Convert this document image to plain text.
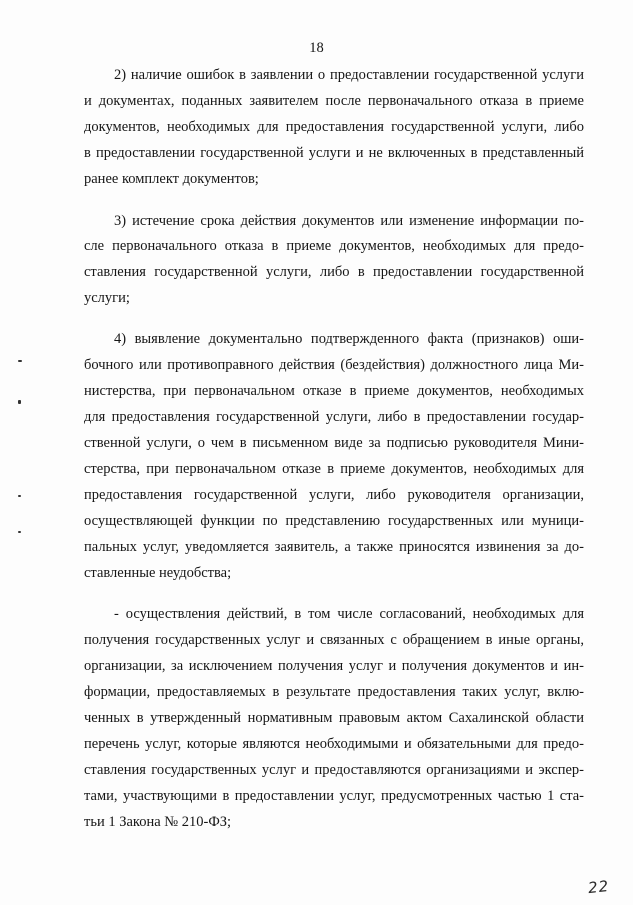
18
2) наличие ошибок в заявлении о предоставлении государственной услуги
и документах, поданных заявителем после первоначального отказа в приеме
документов, необходимых для предоставления государственной услуги, либо
в предоставлении государственной услуги и не включенных в представленный
ранее комплект документов;
3) истечение срока действия документов или изменение информации по-
сле первоначального отказа в приеме документов, необходимых для предо-
ставления государственной услуги, либо в предоставлении государственной
услуги;
4) выявление документально подтвержденного факта (признаков) оши-
бочного или противоправного действия (бездействия) должностного лица Ми-
нистерства, при первоначальном отказе в приеме документов, необходимых
для предоставления государственной услуги, либо в предоставлении государ-
ственной услуги, о чем в письменном виде за подписью руководителя Мини-
стерства, при первоначальном отказе в приеме документов, необходимых для
предоставления государственной услуги, либо руководителя организации,
осуществляющей функции по представлению государственных или муници-
пальных услуг, уведомляется заявитель, а также приносятся извинения за до-
ставленные неудобства;
- осуществления действий, в том числе согласований, необходимых для
получения государственных услуг и связанных с обращением в иные органы,
организации, за исключением получения услуг и получения документов и ин-
формации, предоставляемых в результате предоставления таких услуг, вклю-
ченных в утвержденный нормативным правовым актом Сахалинской области
перечень услуг, которые являются необходимыми и обязательными для предо-
ставления государственных услуг и предоставляются организациями и экспер-
тами, участвующими в предоставлении услуг, предусмотренных частью 1 ста-
тьи 1 Закона № 210-ФЗ;
22
